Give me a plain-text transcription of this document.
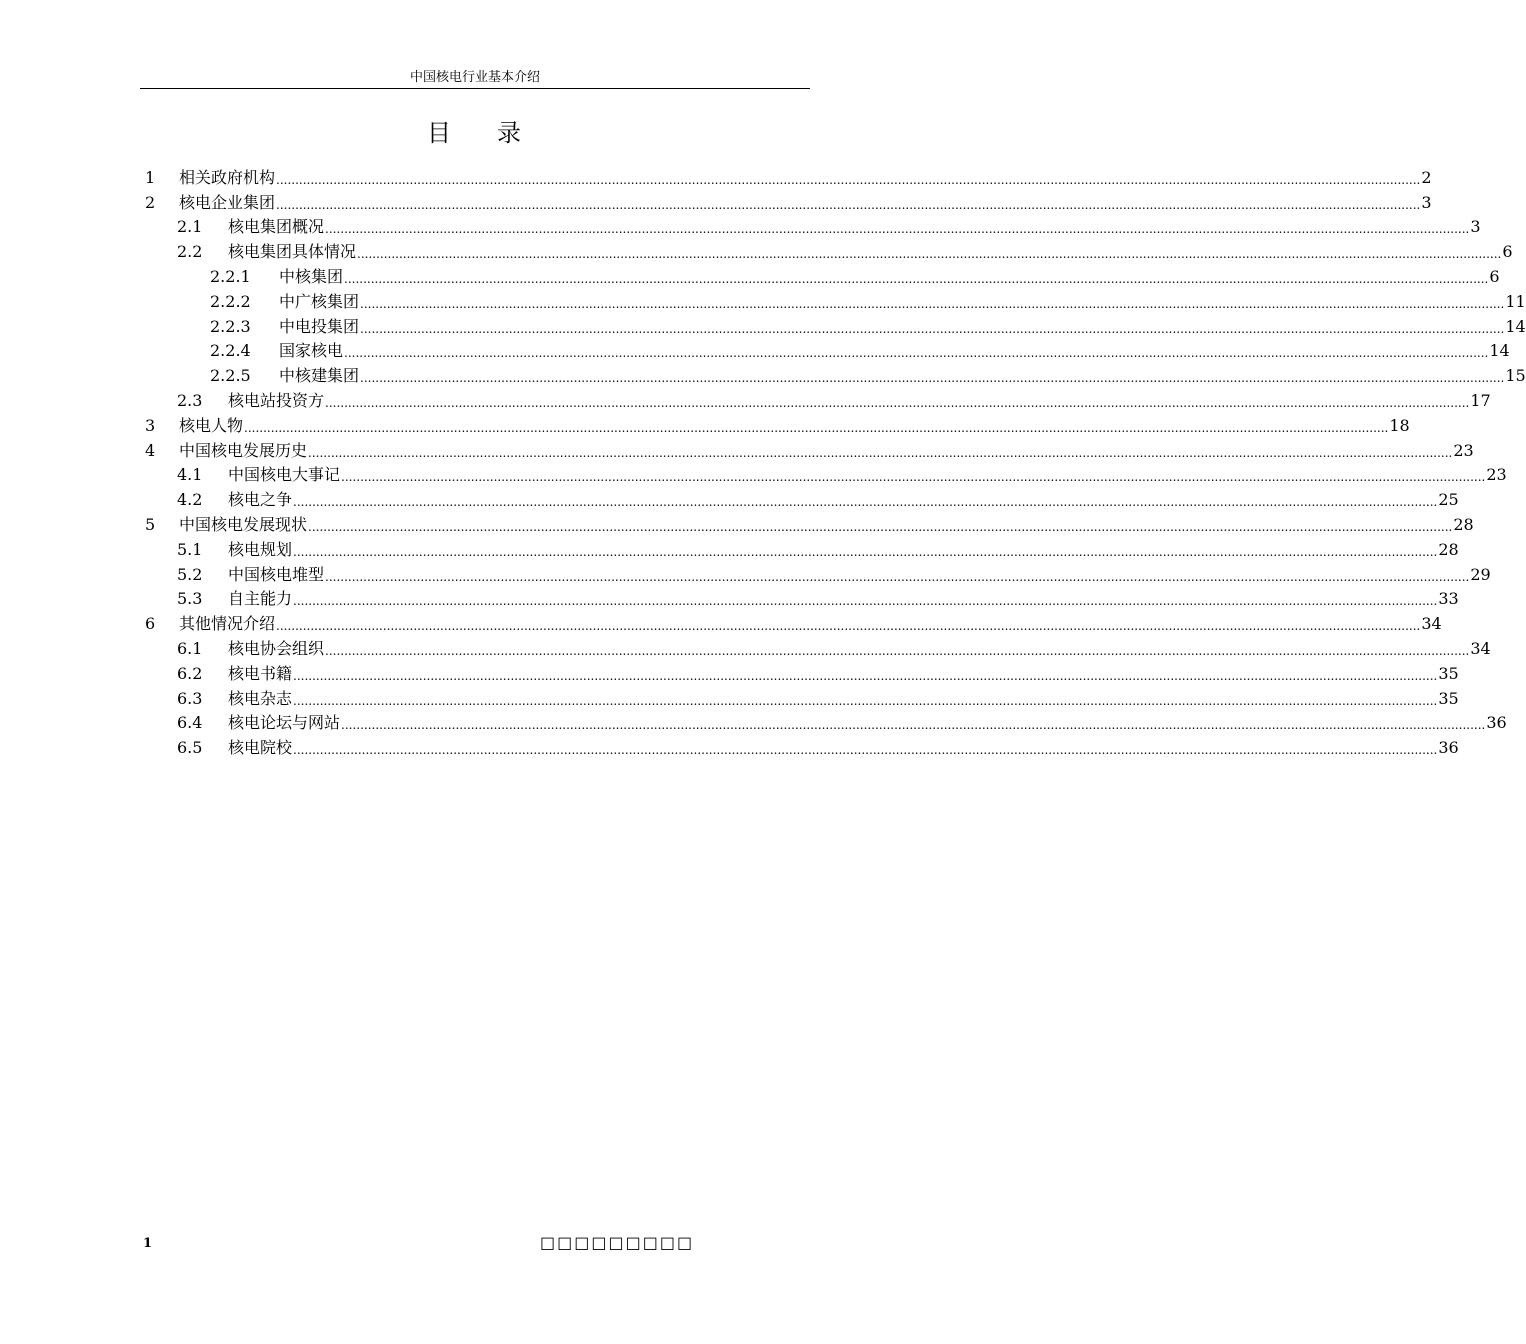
中国核电行业基本介绍
目 录
1	相关政府机构 ............................................................................................................................................................................................................................................................................................................ 2
2	核电企业集团 ............................................................................................................................................................................................................................................................................................................ 3
2.1	核电集团概况 ............................................................................................................................................................................................................................................................................................................ 3
2.2	核电集团具体情况 ............................................................................................................................................................................................................................................................................................................ 6
2.2.1	中核集团 ............................................................................................................................................................................................................................................................................................................ 6
2.2.2	中广核集团 ............................................................................................................................................................................................................................................................................................................ 11
2.2.3	中电投集团 ............................................................................................................................................................................................................................................................................................................ 14
2.2.4	国家核电 ............................................................................................................................................................................................................................................................................................................ 14
2.2.5	中核建集团 ............................................................................................................................................................................................................................................................................................................ 15
2.3	核电站投资方 ............................................................................................................................................................................................................................................................................................................ 17
3	核电人物 ............................................................................................................................................................................................................................................................................................................ 18
4	中国核电发展历史 ............................................................................................................................................................................................................................................................................................................ 23
4.1	中国核电大事记 ............................................................................................................................................................................................................................................................................................................ 23
4.2	核电之争 ............................................................................................................................................................................................................................................................................................................ 25
5	中国核电发展现状 ............................................................................................................................................................................................................................................................................................................ 28
5.1	核电规划 ............................................................................................................................................................................................................................................................................................................ 28
5.2	中国核电堆型 ............................................................................................................................................................................................................................................................................................................ 29
5.3	自主能力 ............................................................................................................................................................................................................................................................................................................ 33
6	其他情况介绍 ............................................................................................................................................................................................................................................................................................................ 34
6.1	核电协会组织 ............................................................................................................................................................................................................................................................................................................ 34
6.2	核电书籍 ............................................................................................................................................................................................................................................................................................................ 35
6.3	核电杂志 ............................................................................................................................................................................................................................................................................................................ 35
6.4	核电论坛与网站 ............................................................................................................................................................................................................................................................................................................ 36
6.5	核电院校 ............................................................................................................................................................................................................................................................................................................ 36
1	□□□□□□□□□
